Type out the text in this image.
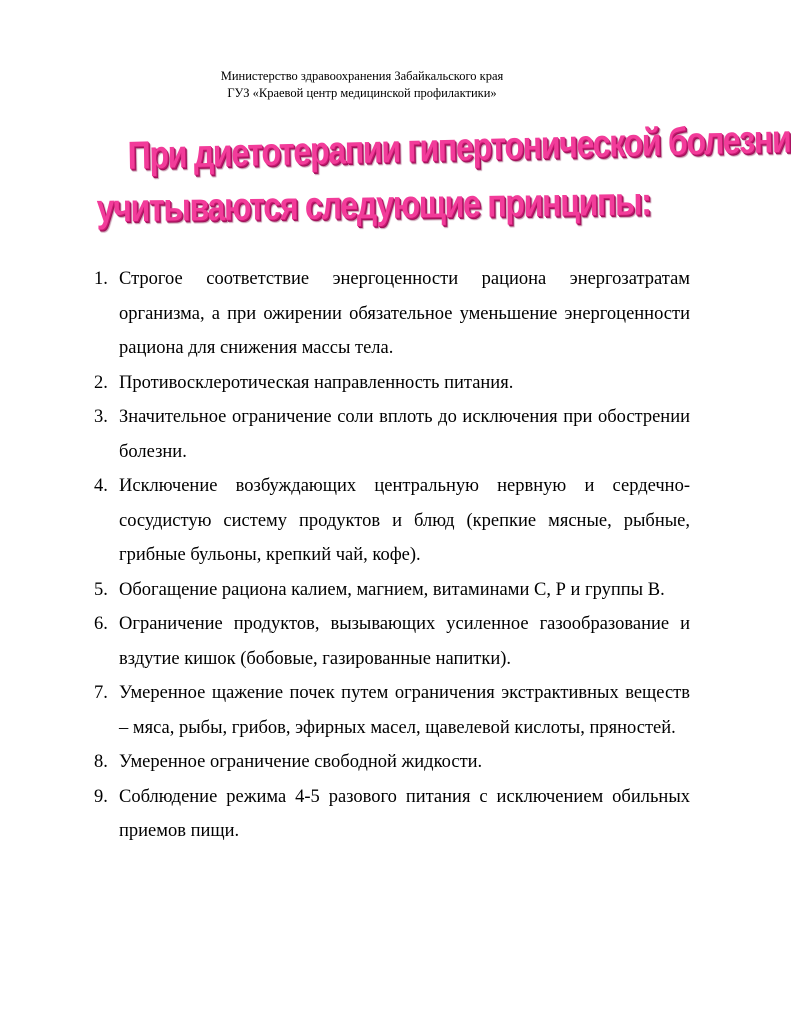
Министерство здравоохранения Забайкальского края
ГУЗ «Краевой центр медицинской профилактики»
При диетотерапии гипертонической болезни
учитываются следующие принципы:
1. Строгое соответствие энергоценности рациона энергозатратам организма, а при ожирении обязательное уменьшение энергоценности рациона для снижения массы тела.
2. Противосклеротическая направленность питания.
3. Значительное ограничение соли вплоть до исключения при обострении болезни.
4. Исключение возбуждающих центральную нервную и сердечно-сосудистую систему продуктов и блюд (крепкие мясные, рыбные, грибные бульоны, крепкий чай, кофе).
5. Обогащение рациона калием, магнием, витаминами С, Р и группы В.
6. Ограничение продуктов, вызывающих усиленное газообразование и вздутие кишок (бобовые, газированные напитки).
7. Умеренное щажение почек путем ограничения экстрактивных веществ – мяса, рыбы, грибов, эфирных масел, щавелевой кислоты, пряностей.
8. Умеренное ограничение свободной жидкости.
9. Соблюдение режима 4-5 разового питания с исключением обильных приемов пищи.
